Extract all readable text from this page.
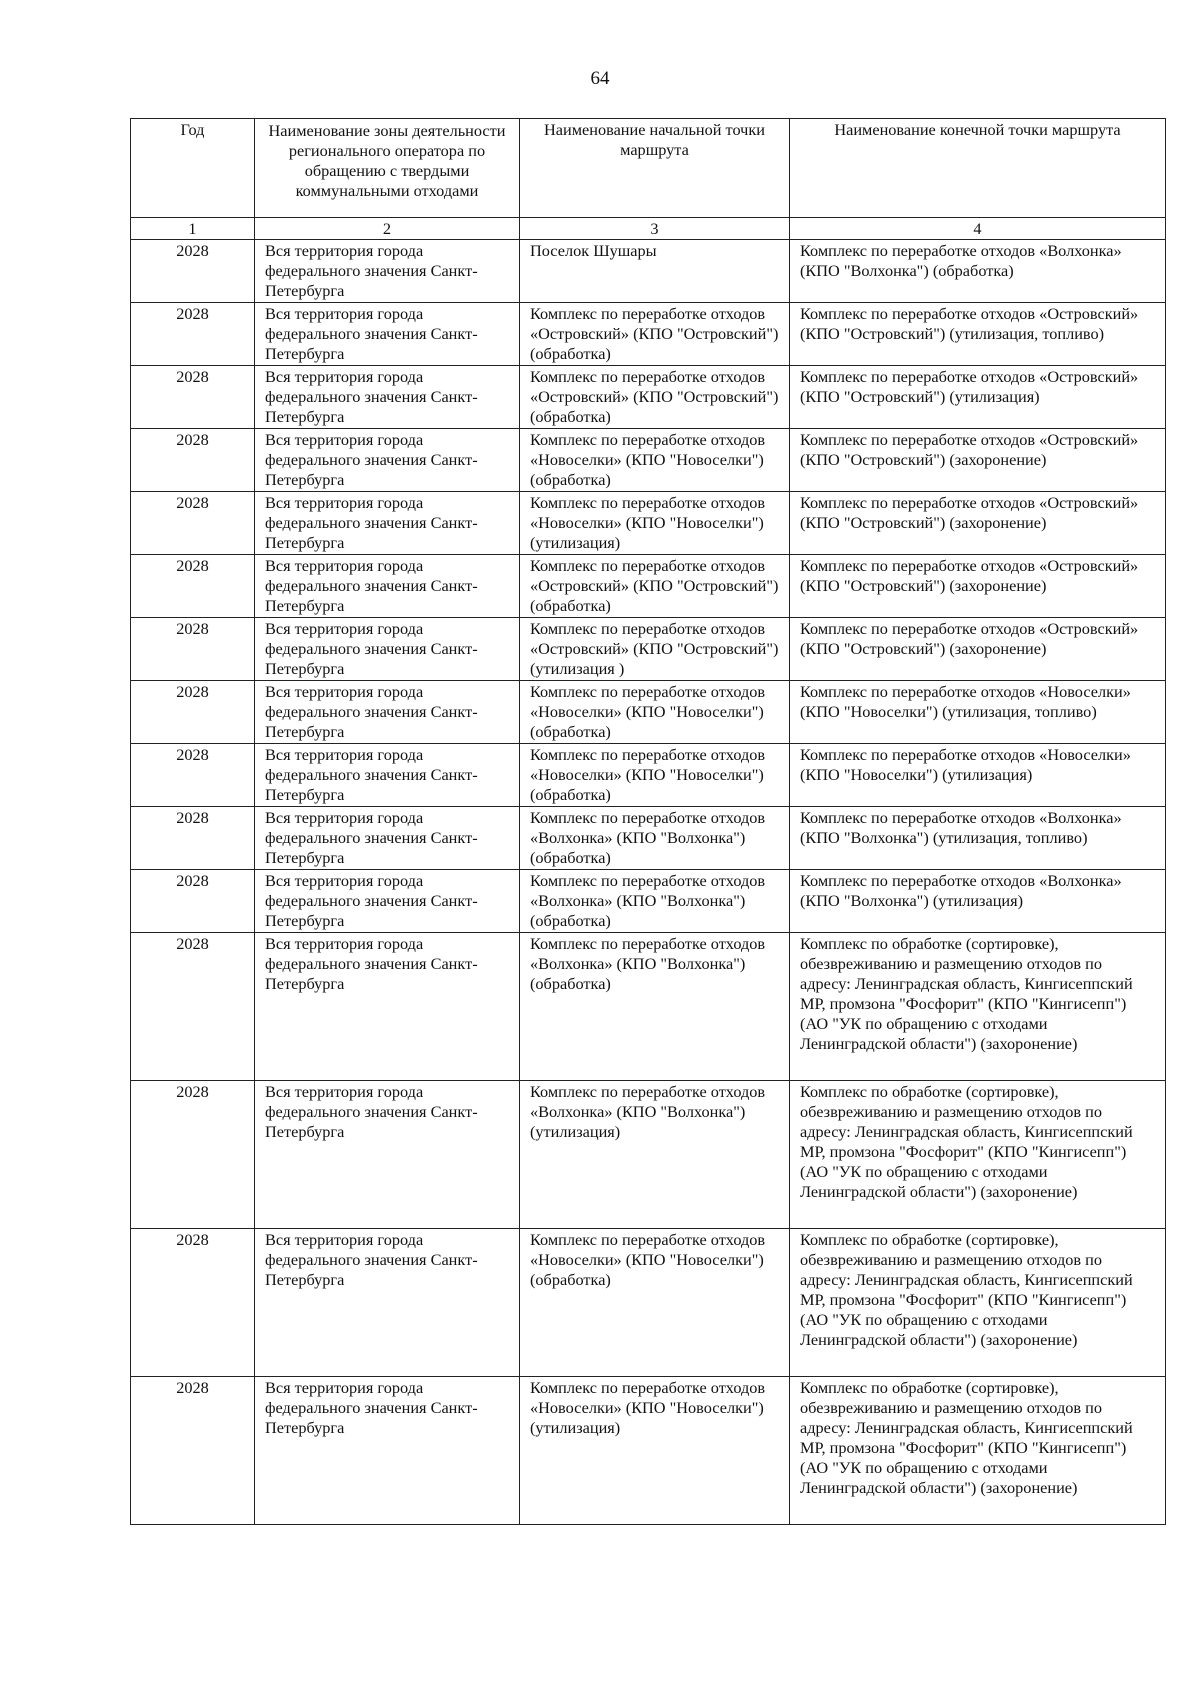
64
Год	Наименование зоны деятельности регионального оператора по обращению с твердыми коммунальными отходами	Наименование начальной точки маршрута	Наименование конечной точки маршрута
1	2	3	4
2028	Вся территория города федерального значения Санкт-Петербурга	Поселок Шушары	Комплекс по переработке отходов «Волхонка» (КПО "Волхонка") (обработка)
2028	Вся территория города федерального значения Санкт-Петербурга	Комплекс по переработке отходов «Островский» (КПО "Островский") (обработка)	Комплекс по переработке отходов «Островский» (КПО "Островский") (утилизация, топливо)
2028	Вся территория города федерального значения Санкт-Петербурга	Комплекс по переработке отходов «Островский» (КПО "Островский") (обработка)	Комплекс по переработке отходов «Островский» (КПО "Островский") (утилизация)
2028	Вся территория города федерального значения Санкт-Петербурга	Комплекс по переработке отходов «Новоселки» (КПО "Новоселки") (обработка)	Комплекс по переработке отходов «Островский» (КПО "Островский") (захоронение)
2028	Вся территория города федерального значения Санкт-Петербурга	Комплекс по переработке отходов «Новоселки» (КПО "Новоселки") (утилизация)	Комплекс по переработке отходов «Островский» (КПО "Островский") (захоронение)
2028	Вся территория города федерального значения Санкт-Петербурга	Комплекс по переработке отходов «Островский» (КПО "Островский") (обработка)	Комплекс по переработке отходов «Островский» (КПО "Островский") (захоронение)
2028	Вся территория города федерального значения Санкт-Петербурга	Комплекс по переработке отходов «Островский» (КПО "Островский") (утилизация )	Комплекс по переработке отходов «Островский» (КПО "Островский") (захоронение)
2028	Вся территория города федерального значения Санкт-Петербурга	Комплекс по переработке отходов «Новоселки» (КПО "Новоселки") (обработка)	Комплекс по переработке отходов «Новоселки» (КПО "Новоселки") (утилизация, топливо)
2028	Вся территория города федерального значения Санкт-Петербурга	Комплекс по переработке отходов «Новоселки» (КПО "Новоселки") (обработка)	Комплекс по переработке отходов «Новоселки» (КПО "Новоселки") (утилизация)
2028	Вся территория города федерального значения Санкт-Петербурга	Комплекс по переработке отходов «Волхонка» (КПО "Волхонка") (обработка)	Комплекс по переработке отходов «Волхонка» (КПО "Волхонка") (утилизация, топливо)
2028	Вся территория города федерального значения Санкт-Петербурга	Комплекс по переработке отходов «Волхонка» (КПО "Волхонка") (обработка)	Комплекс по переработке отходов «Волхонка» (КПО "Волхонка") (утилизация)
2028	Вся территория города федерального значения Санкт-Петербурга	Комплекс по переработке отходов «Волхонка» (КПО "Волхонка") (обработка)	Комплекс по обработке (сортировке), обезвреживанию и размещению отходов по адресу: Ленинградская область, Кингисеппский МР, промзона "Фосфорит" (КПО "Кингисепп") (АО "УК по обращению с отходами Ленинградской области") (захоронение)
2028	Вся территория города федерального значения Санкт-Петербурга	Комплекс по переработке отходов «Волхонка» (КПО "Волхонка") (утилизация)	Комплекс по обработке (сортировке), обезвреживанию и размещению отходов по адресу: Ленинградская область, Кингисеппский МР, промзона "Фосфорит" (КПО "Кингисепп") (АО "УК по обращению с отходами Ленинградской области") (захоронение)
2028	Вся территория города федерального значения Санкт-Петербурга	Комплекс по переработке отходов «Новоселки» (КПО "Новоселки") (обработка)	Комплекс по обработке (сортировке), обезвреживанию и размещению отходов по адресу: Ленинградская область, Кингисеппский МР, промзона "Фосфорит" (КПО "Кингисепп") (АО "УК по обращению с отходами Ленинградской области") (захоронение)
2028	Вся территория города федерального значения Санкт-Петербурга	Комплекс по переработке отходов «Новоселки» (КПО "Новоселки") (утилизация)	Комплекс по обработке (сортировке), обезвреживанию и размещению отходов по адресу: Ленинградская область, Кингисеппский МР, промзона "Фосфорит" (КПО "Кингисепп") (АО "УК по обращению с отходами Ленинградской области") (захоронение)
